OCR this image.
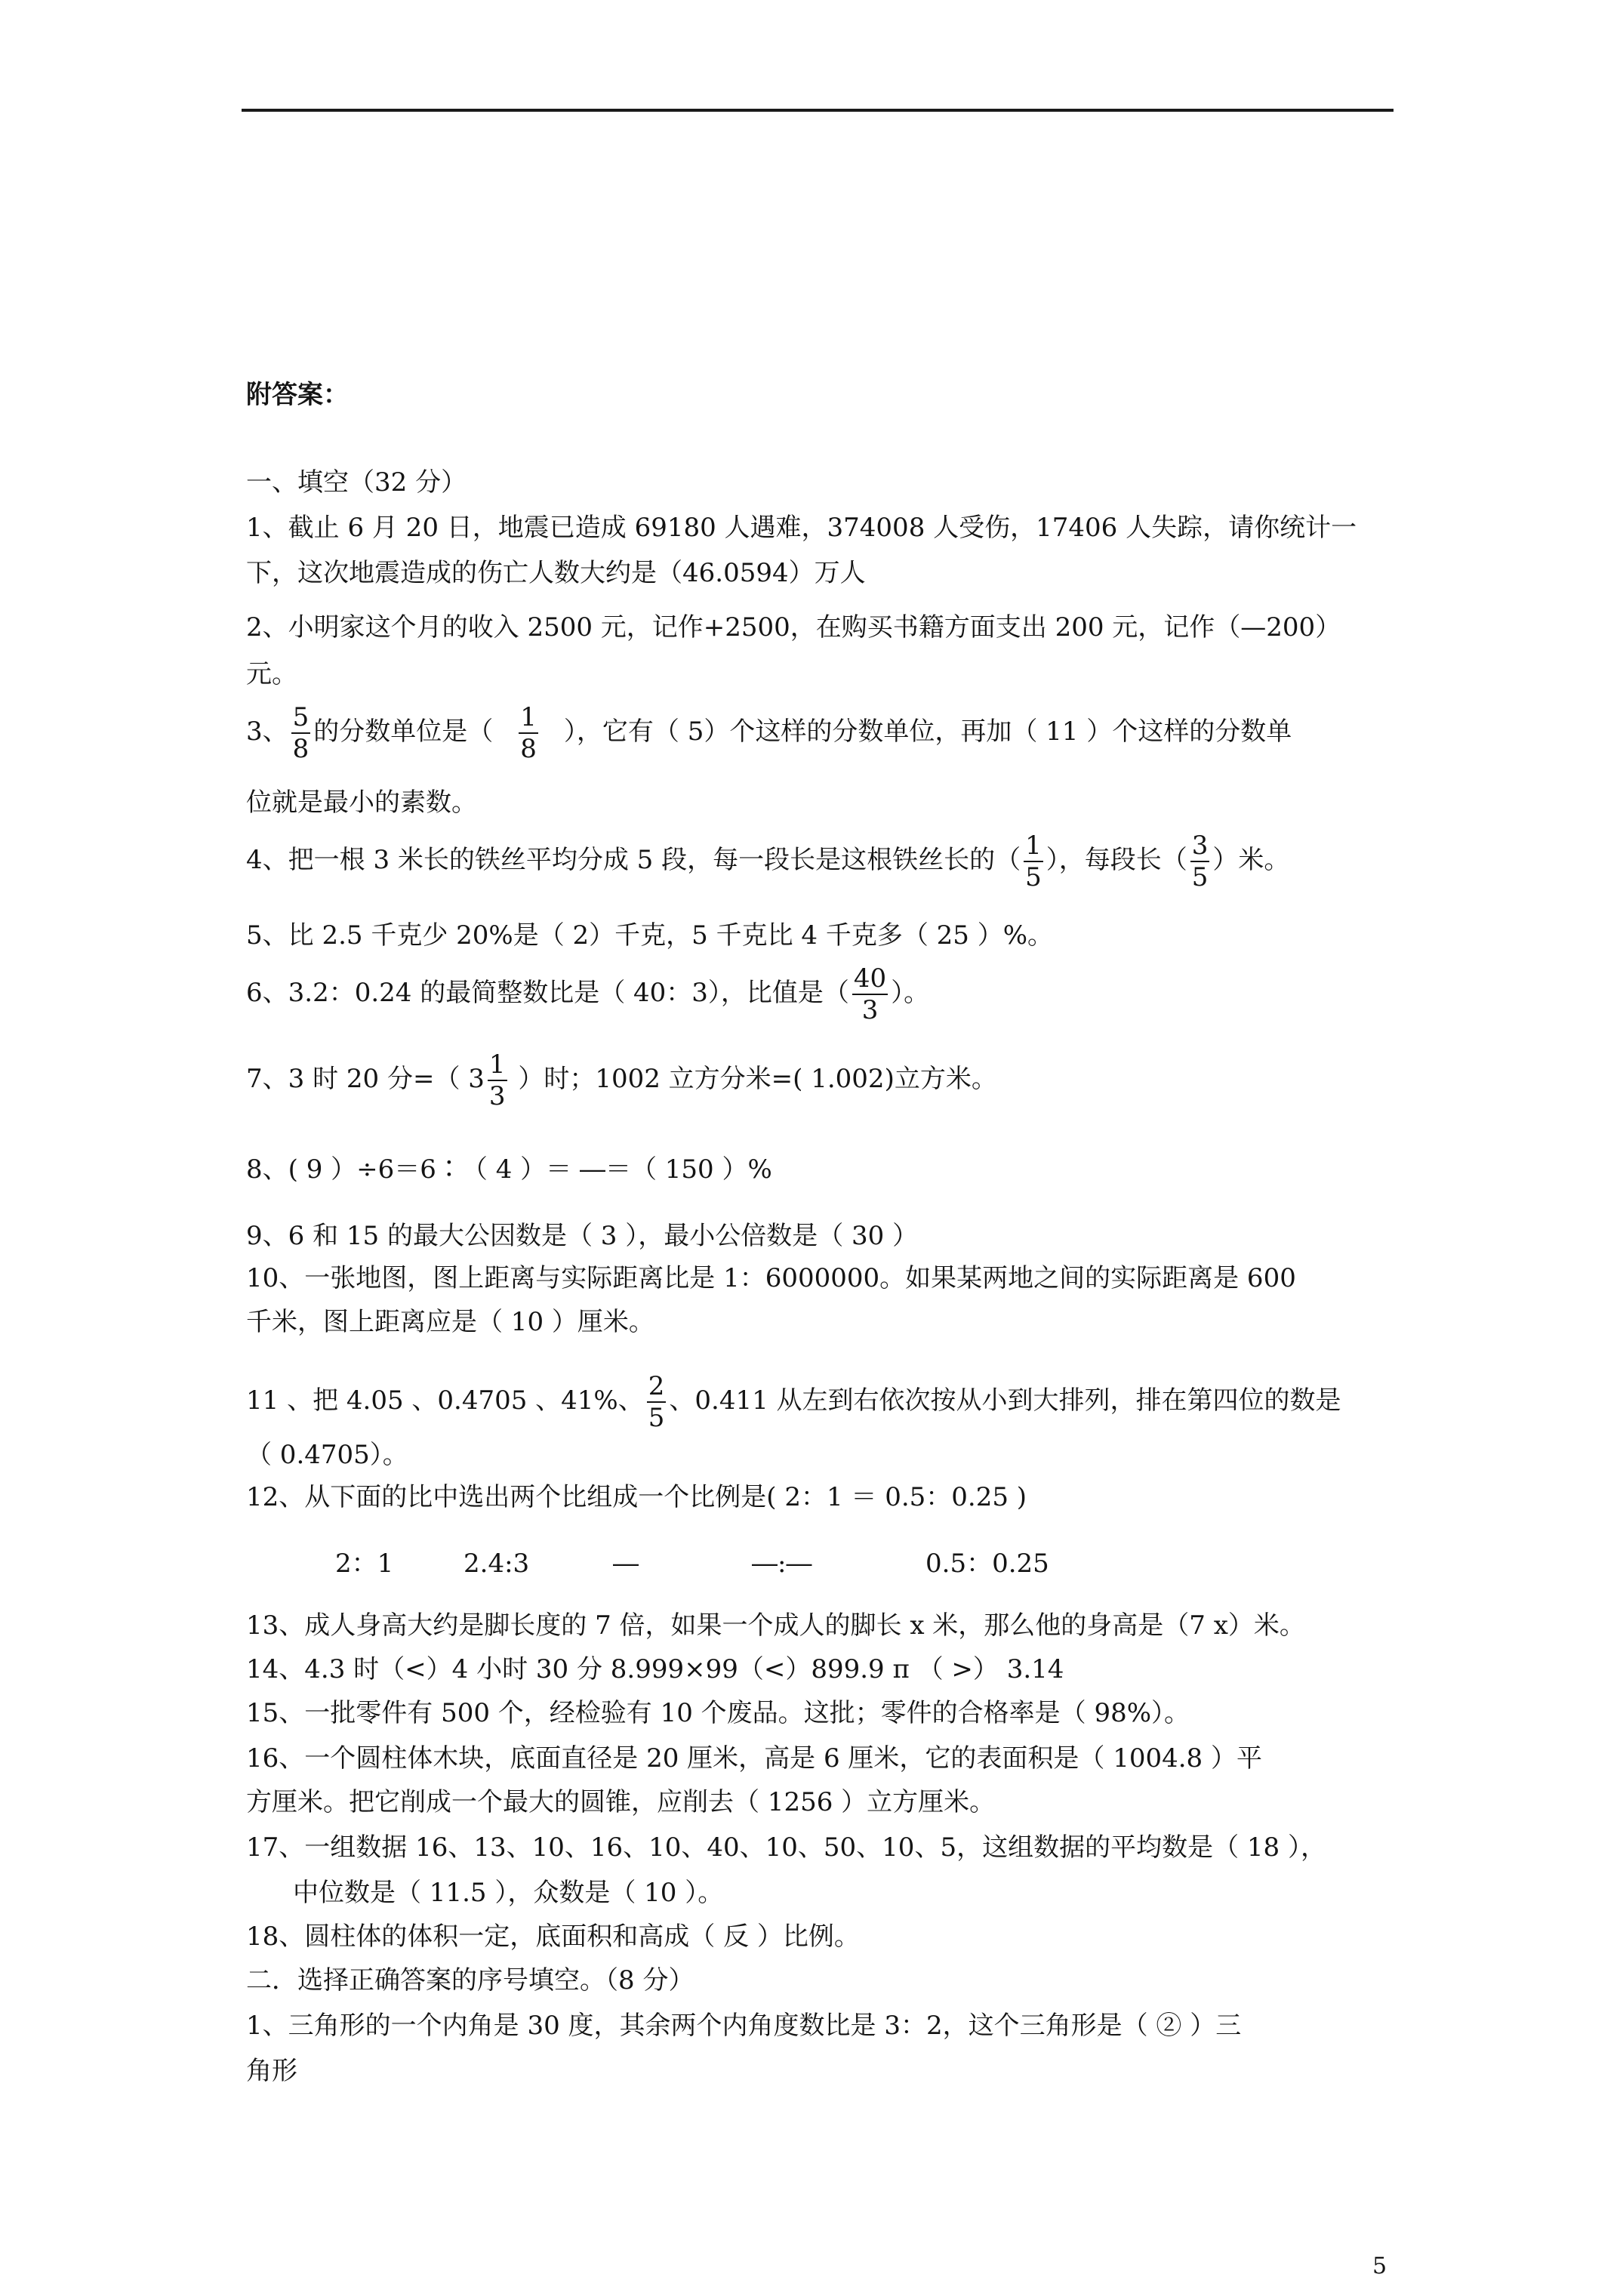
附答案：
一、填空（32 分）
1、截止 6 月 20 日，地震已造成 69180 人遇难，374008 人受伤，17406 人失踪，请你统计一
下，这次地震造成的伤亡人数大约是（46.0594）万人
2、小明家这个月的收入 2500 元，记作+2500，在购买书籍方面支出 200 元，记作（—200）
元。
3、 $\frac{5}{8}$ 的分数单位是（ $\frac{1}{8}$ ），它有（ 5）个这样的分数单位，再加（ 11 ）个这样的分数单
位就是最小的素数。
4、把一根 3 米长的铁丝平均分成 5 段，每一段长是这根铁丝长的（ $\frac{1}{5}$ ），每段长（ $\frac{3}{5}$ ）米。
5、比 2.5 千克少 20%是（ 2）千克，5 千克比 4 千克多（ 25 ）%。
6、3.2：0.24 的最简整数比是（ 40：3），比值是（ $\frac{40}{3}$ ）。
7、3 时 20 分=（ $3 \frac{1}{3}$ ）时；1002 立方分米=( 1.002)立方米。
8、( 9 ）÷6＝6∶（ 4 ）＝ ―＝（ 150 ）%
9、6 和 15 的最大公因数是（ 3 ），最小公倍数是（ 30 ）
10、一张地图，图上距离与实际距离比是 1：6000000。如果某两地之间的实际距离是 600
千米，图上距离应是（ 10 ）厘米。
11 、把 4.05 、0.4705 、41%、 $\frac{2}{5}$ 、0.411 从左到右依次按从小到大排列，排在第四位的数是
（ 0.4705）。
12、从下面的比中选出两个比组成一个比例是( 2：1 ＝ 0.5：0.25 )
2：1	2.4:3	―	―:―	0.5：0.25
13、成人身高大约是脚长度的 7 倍，如果一个成人的脚长 x 米，那么他的身高是（7 x）米。
14、4.3 时（<）4 小时 30 分 8.999×99（<）899.9 π （ >） 3.14
15、一批零件有 500 个，经检验有 10 个废品。这批；零件的合格率是（ 98%）。
16、一个圆柱体木块，底面直径是 20 厘米，高是 6 厘米，它的表面积是（ 1004.8 ）平
方厘米。把它削成一个最大的圆锥，应削去（ 1256 ）立方厘米。
17、一组数据 16、13、10、16、10、40、10、50、10、5，这组数据的平均数是（ 18 ），
中位数是（ 11.5 ），众数是（ 10 ）。
18、圆柱体的体积一定，底面积和高成（ 反 ）比例。
二．选择正确答案的序号填空。（8 分）
1、三角形的一个内角是 30 度，其余两个内角度数比是 3：2，这个三角形是（ ② ）三
角形
5
